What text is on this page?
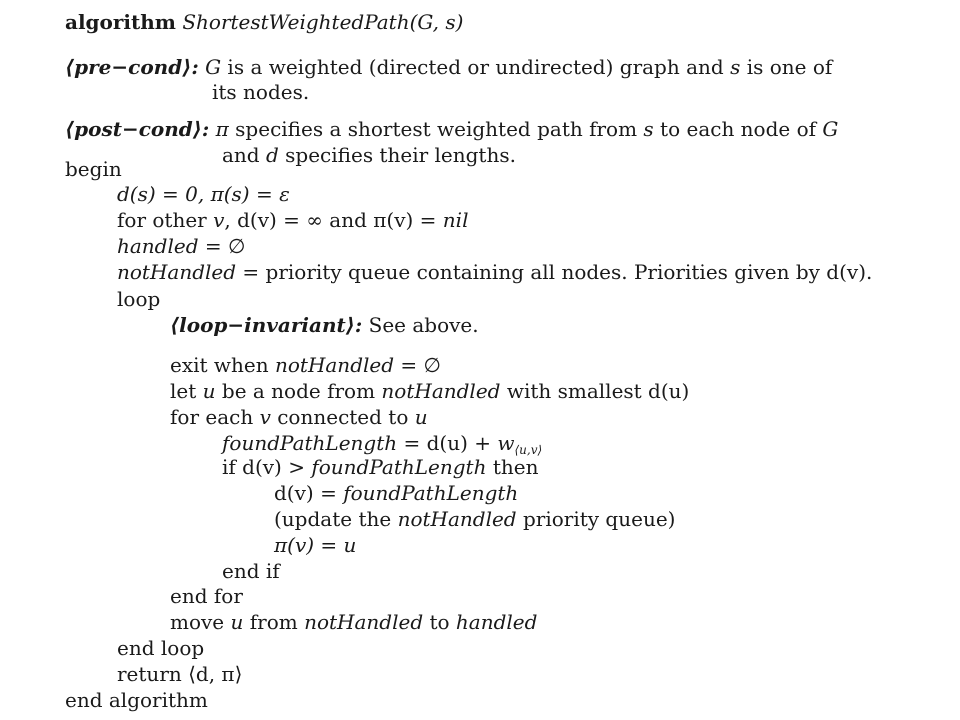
algorithm ShortestWeightedPath(G, s)
⟨pre−cond⟩: G is a weighted (directed or undirected) graph and s is one of
its nodes.
⟨post−cond⟩: π specifies a shortest weighted path from s to each node of G
and d specifies their lengths.
begin
d(s) = 0, π(s) = ε
for other v, d(v) = ∞ and π(v) = nil
handled = ∅
notHandled = priority queue containing all nodes. Priorities given by d(v).
loop
⟨loop−invariant⟩: See above.
exit when notHandled = ∅
let u be a node from notHandled with smallest d(u)
for each v connected to u
foundPathLength = $d(u) + w_{⟨u,v⟩}$
if d(v) > foundPathLength then
d(v) = foundPathLength
(update the notHandled priority queue)
π(v) = u
end if
end for
move u from notHandled to handled
end loop
return ⟨d, π⟩
end algorithm
